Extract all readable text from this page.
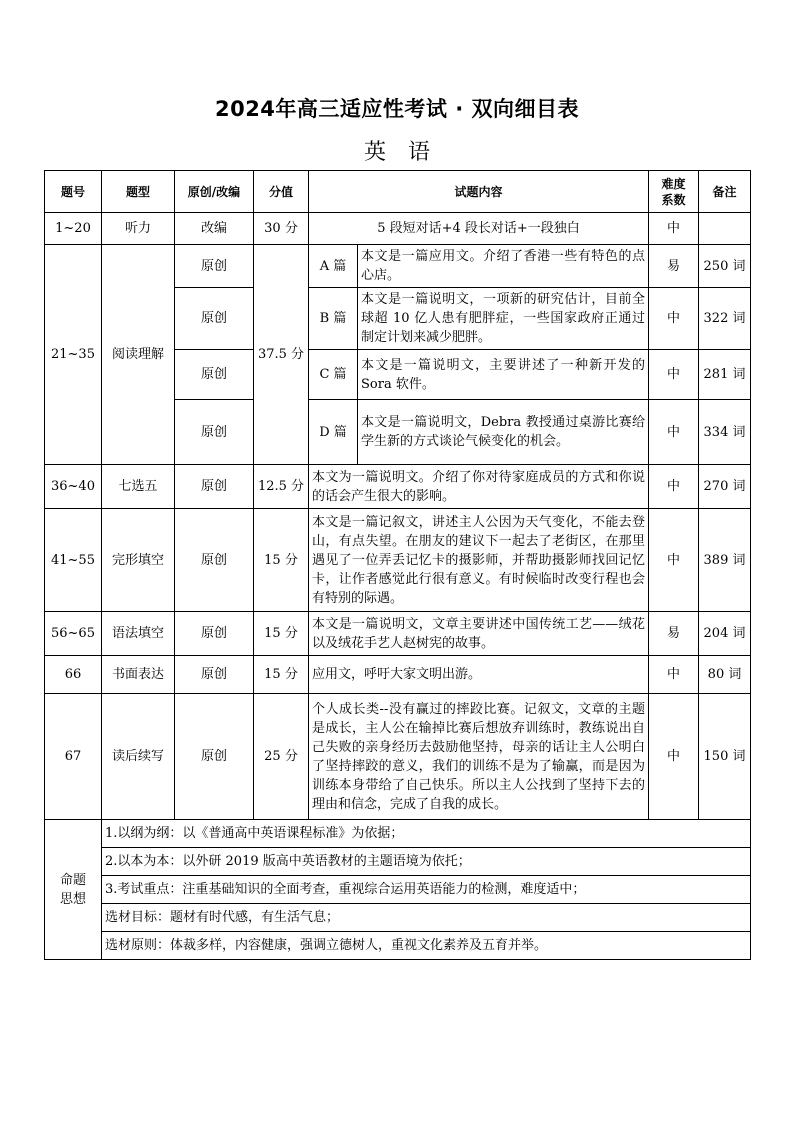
2024年高三适应性考试 · 双向细目表
英语
题号	题型	原创/改编	分值	试题内容		难度系数	备注
1~20	听力	改编	30 分	5 段短对话+4 段长对话+一段独白		中	
21~35	阅读理解	原创	37.5 分	A 篇	本文是一篇应用文。介绍了香港一些有特色的点心店。	易	250 词
		原创		B 篇	本文是一篇说明文，一项新的研究估计，目前全球超 10 亿人患有肥胖症，一些国家政府正通过制定计划来减少肥胖。	中	322 词
		原创		C 篇	本文是一篇说明文，主要讲述了一种新开发的 Sora 软件。	中	281 词
		原创		D 篇	本文是一篇说明文，Debra 教授通过桌游比赛给学生新的方式谈论气候变化的机会。	中	334 词
36~40	七选五	原创	12.5 分	本文为一篇说明文。介绍了你对待家庭成员的方式和你说的话会产生很大的影响。		中	270 词
41~55	完形填空	原创	15 分	本文是一篇记叙文，讲述主人公因为天气变化，不能去登山，有点失望。在朋友的建议下一起去了老街区，在那里遇见了一位弄丢记忆卡的摄影师，并帮助摄影师找回记忆卡，让作者感觉此行很有意义。有时候临时改变行程也会有特别的际遇。		中	389 词
56~65	语法填空	原创	15 分	本文是一篇说明文，文章主要讲述中国传统工艺——绒花以及绒花手艺人赵树宪的故事。		易	204 词
66	书面表达	原创	15 分	应用文，呼吁大家文明出游。		中	80 词
67	读后续写	原创	25 分	个人成长类--没有赢过的摔跤比赛。记叙文，文章的主题是成长，主人公在输掉比赛后想放弃训练时，教练说出自己失败的亲身经历去鼓励他坚持，母亲的话让主人公明白了坚持摔跤的意义，我们的训练不是为了输赢，而是因为训练本身带给了自己快乐。所以主人公找到了坚持下去的理由和信念，完成了自我的成长。		中	150 词
命题思想	1.以纲为纲：以《普通高中英语课程标准》为依据；						
	2.以本为本：以外研 2019 版高中英语教材的主题语境为依托；						
	3.考试重点：注重基础知识的全面考查，重视综合运用英语能力的检测，难度适中；						
	选材目标：题材有时代感，有生活气息；						
	选材原则：体裁多样，内容健康，强调立德树人，重视文化素养及五育并举。						
